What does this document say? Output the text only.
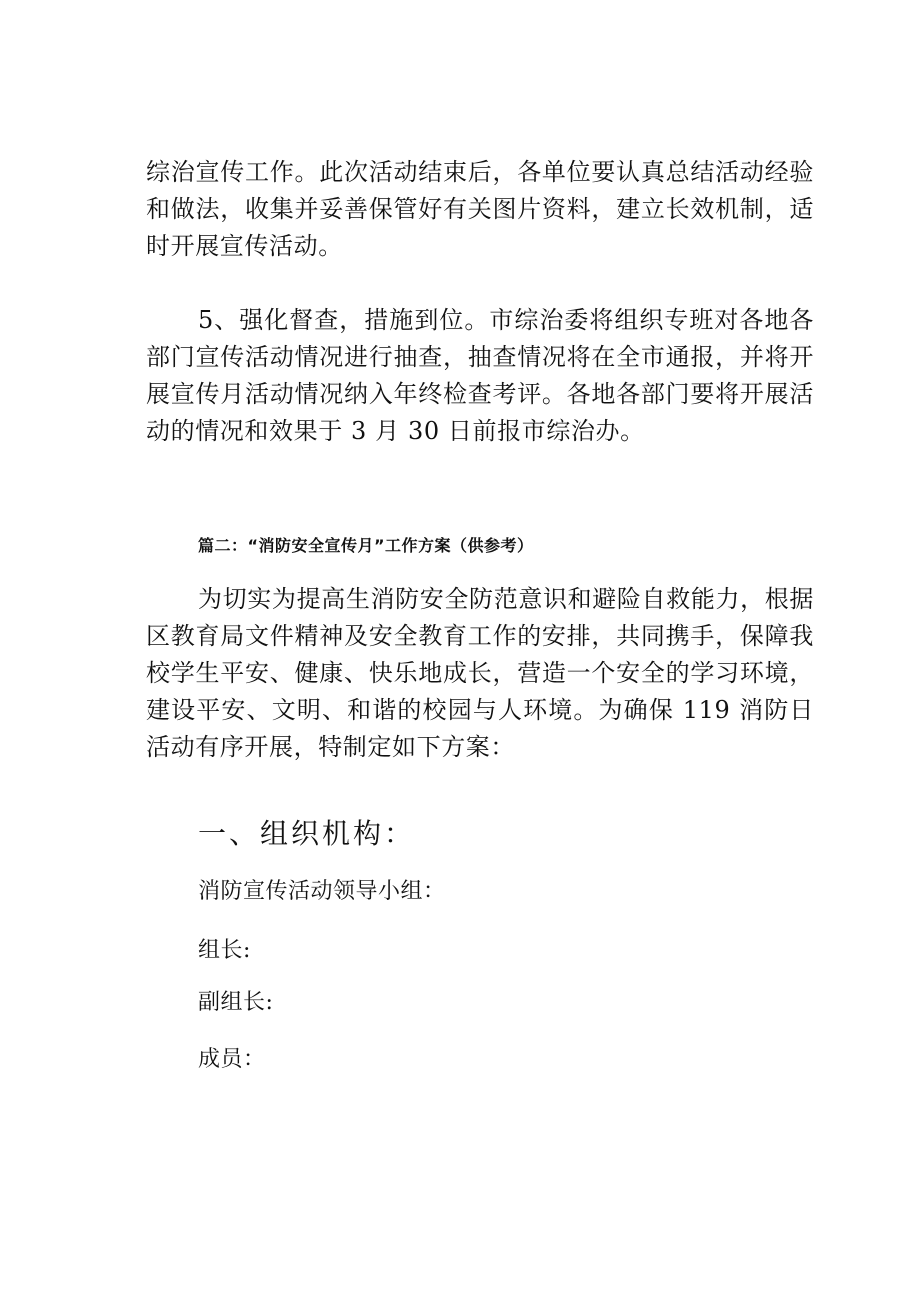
综治宣传工作。此次活动结束后，各单位要认真总结活动经验和做法，收集并妥善保管好有关图片资料，建立长效机制，适时开展宣传活动。

5、强化督查，措施到位。市综治委将组织专班对各地各部门宣传活动情况进行抽查，抽查情况将在全市通报，并将开展宣传月活动情况纳入年终检查考评。各地各部门要将开展活动的情况和效果于 3 月 30 日前报市综治办。

篇二：“消防安全宣传月”工作方案（供参考）

为切实为提高生消防安全防范意识和避险自救能力，根据区教育局文件精神及安全教育工作的安排，共同携手，保障我校学生平安、健康、快乐地成长，营造一个安全的学习环境，建设平安、文明、和谐的校园与人环境。为确保 119 消防日活动有序开展，特制定如下方案：

一、组织机构：

消防宣传活动领导小组：

组长:

副组长:

成员：
